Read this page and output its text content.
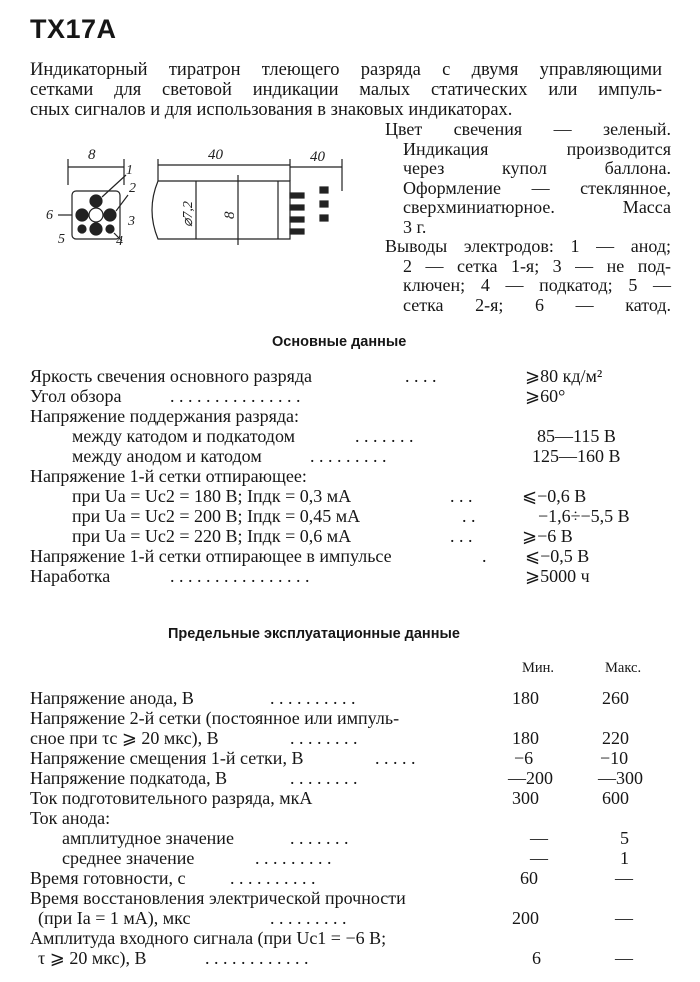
ТХ17А
Индикаторный тиратрон тлеющего разряда с двумя управляющими
сетками для световой индикации малых статических или импуль-
сных сигналов и для использования в знаковых индикаторах.
8	40	40
1
2
3
4
5
6	⌀7,2 8
Цвет свечения — зеленый.
Индикация производится
через купол баллона.
Оформление — стеклянное,
сверхминиатюрное. Масса
3 г.
Выводы электродов: 1 — анод;
2 — сетка 1-я; 3 — не под-
ключен; 4 — подкатод; 5 —
сетка 2-я; 6 — катод.
Основные данные
Яркость свечения основного разряда	. . . .	⩾80 кд/м²
Угол обзора	. . . . . . . . . . . . . . .	⩾60°
Напряжение поддержания разряда:
между катодом и подкатодом	. . . . . . .	85—115 В
между анодом и катодом	. . . . . . . . .	125—160 В
Напряжение 1-й сетки отпирающее:
при Uа = Uс2 = 180 В; Iпдк = 0,3 мА	. . .	⩽−0,6 В
при Uа = Uс2 = 200 В; Iпдк = 0,45 мА	. .	−1,6÷−5,5 В
при Uа = Uс2 = 220 В; Iпдк = 0,6 мА	. . .	⩾−6 В
Напряжение 1-й сетки отпирающее в импульсе	. ⩽−0,5 В
Наработка	. . . . . . . . . . . . . . . .	⩾5000 ч
Предельные эксплуатационные данные
Мин.	Макс.
Напряжение анода, В	. . . . . . . . . .	180	260
Напряжение 2-й сетки (постоянное или импуль-
сное при τс ⩾ 20 мкс), В	. . . . . . . .	180	220
Напряжение смещения 1-й сетки, В	. . . . .	−6	−10
Напряжение подкатода, В	. . . . . . . .	—200	—300
Ток подготовительного разряда, мкА	300	600
Ток анода:
амплитудное значение	. . . . . . .	—	5
среднее значение	. . . . . . . . .	—	1
Время готовности, с . . . . . . . . . .	60	—
Время восстановления электрической прочности
(при Iа = 1 мА), мкс	. . . . . . . . .	200	—
Амплитуда входного сигнала (при Uс1 = −6 В;
τ ⩾ 20 мкс), В	. . . . . . . . . . . .	6	—
